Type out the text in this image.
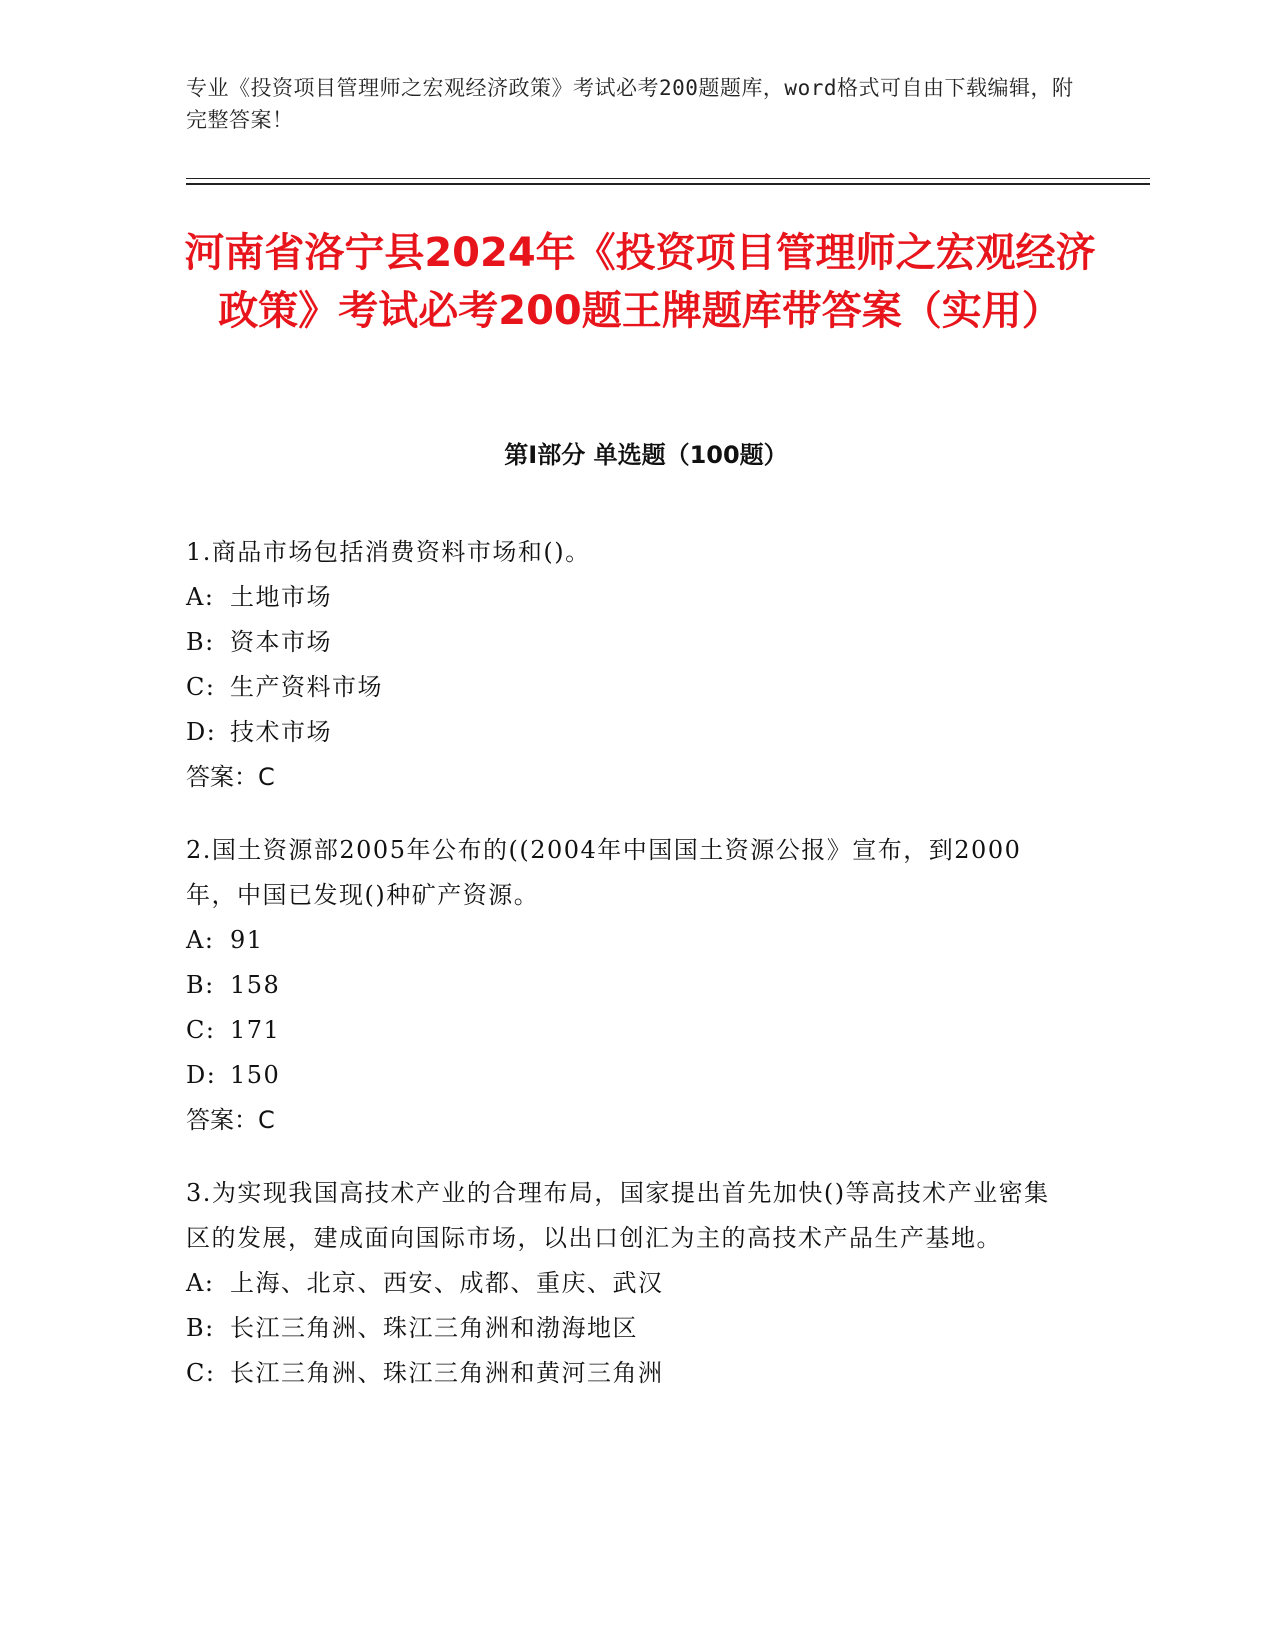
专业《投资项目管理师之宏观经济政策》考试必考200题题库，word格式可自由下载编辑，附完整答案！

河南省洛宁县2024年《投资项目管理师之宏观经济政策》考试必考200题王牌题库带答案（实用）
第Ⅰ部分 单选题（100题）

1.商品市场包括消费资料市场和()。

A: 土地市场

B: 资本市场

C: 生产资料市场

D: 技术市场

答案：C

2.国土资源部2005年公布的((2004年中国国土资源公报》宣布，到2000年，中国已发现()种矿产资源。

A: 91

B: 158

C: 171

D: 150

答案：C

3.为实现我国高技术产业的合理布局，国家提出首先加快()等高技术产业密集区的发展，建成面向国际市场，以出口创汇为主的高技术产品生产基地。

A: 上海、北京、西安、成都、重庆、武汉

B: 长江三角洲、珠江三角洲和渤海地区

C: 长江三角洲、珠江三角洲和黄河三角洲
